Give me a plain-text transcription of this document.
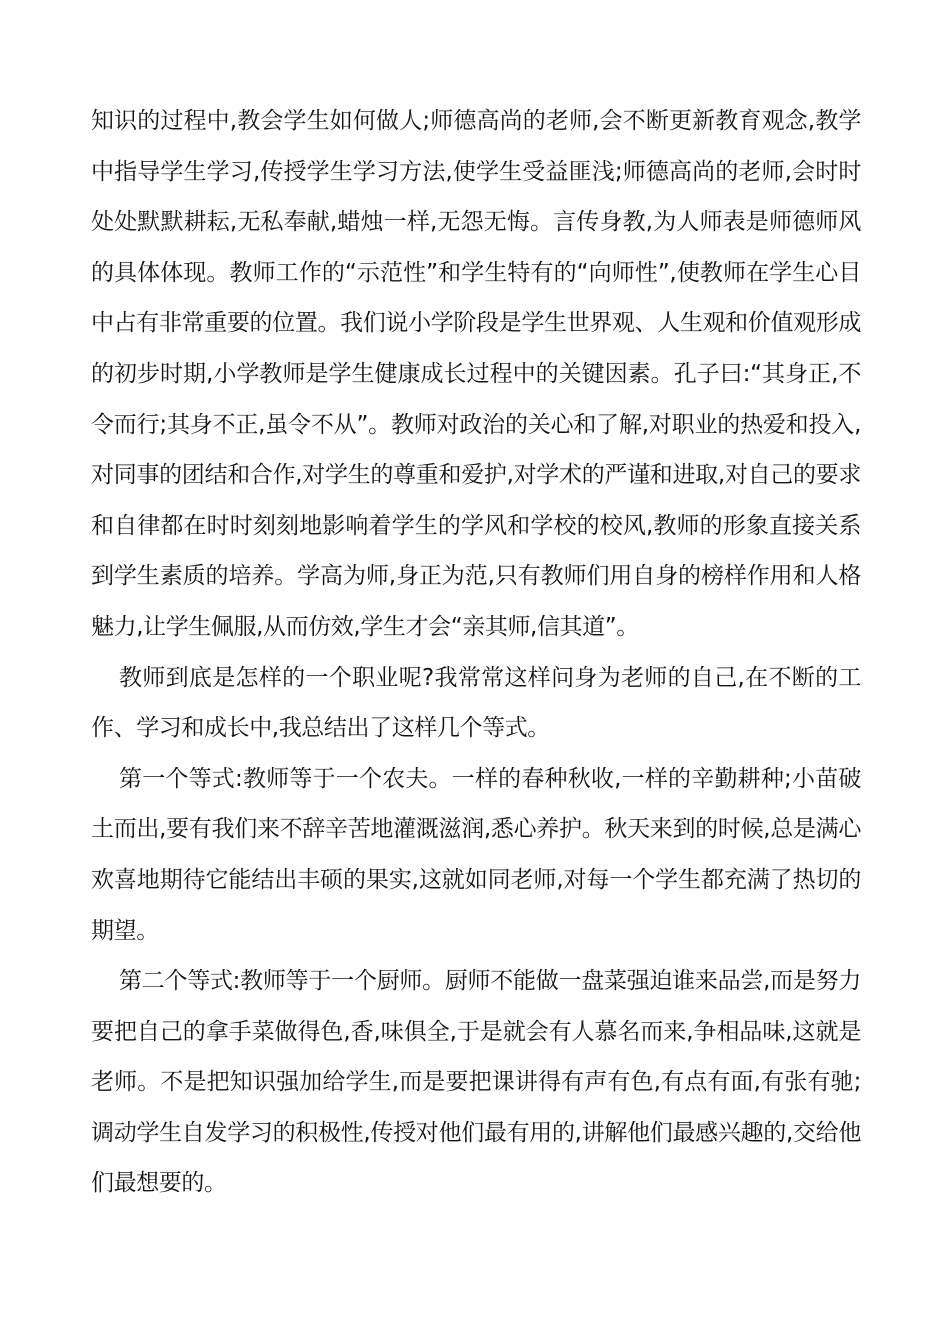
知识的过程中,教会学生如何做人;师德高尚的老师,会不断更新教育观念,教学中指导学生学习,传授学生学习方法,使学生受益匪浅;师德高尚的老师,会时时处处默默耕耘,无私奉献,蜡烛一样,无怨无悔。言传身教,为人师表是师德师风的具体体现。教师工作的“示范性”和学生特有的“向师性”,使教师在学生心目中占有非常重要的位置。我们说小学阶段是学生世界观、人生观和价值观形成的初步时期,小学教师是学生健康成长过程中的关键因素。孔子曰:“其身正,不令而行;其身不正,虽令不从”。教师对政治的关心和了解,对职业的热爱和投入,对同事的团结和合作,对学生的尊重和爱护,对学术的严谨和进取,对自己的要求和自律都在时时刻刻地影响着学生的学风和学校的校风,教师的形象直接关系到学生素质的培养。学高为师,身正为范,只有教师们用自身的榜样作用和人格魅力,让学生佩服,从而仿效,学生才会“亲其师,信其道”。

教师到底是怎样的一个职业呢?我常常这样问身为老师的自己,在不断的工作、学习和成长中,我总结出了这样几个等式。

第一个等式:教师等于一个农夫。一样的春种秋收,一样的辛勤耕种;小苗破土而出,要有我们来不辞辛苦地灌溉滋润,悉心养护。秋天来到的时候,总是满心欢喜地期待它能结出丰硕的果实,这就如同老师,对每一个学生都充满了热切的期望。

第二个等式:教师等于一个厨师。厨师不能做一盘菜强迫谁来品尝,而是努力要把自己的拿手菜做得色,香,味俱全,于是就会有人慕名而来,争相品味,这就是老师。不是把知识强加给学生,而是要把课讲得有声有色,有点有面,有张有驰;调动学生自发学习的积极性,传授对他们最有用的,讲解他们最感兴趣的,交给他们最想要的。
